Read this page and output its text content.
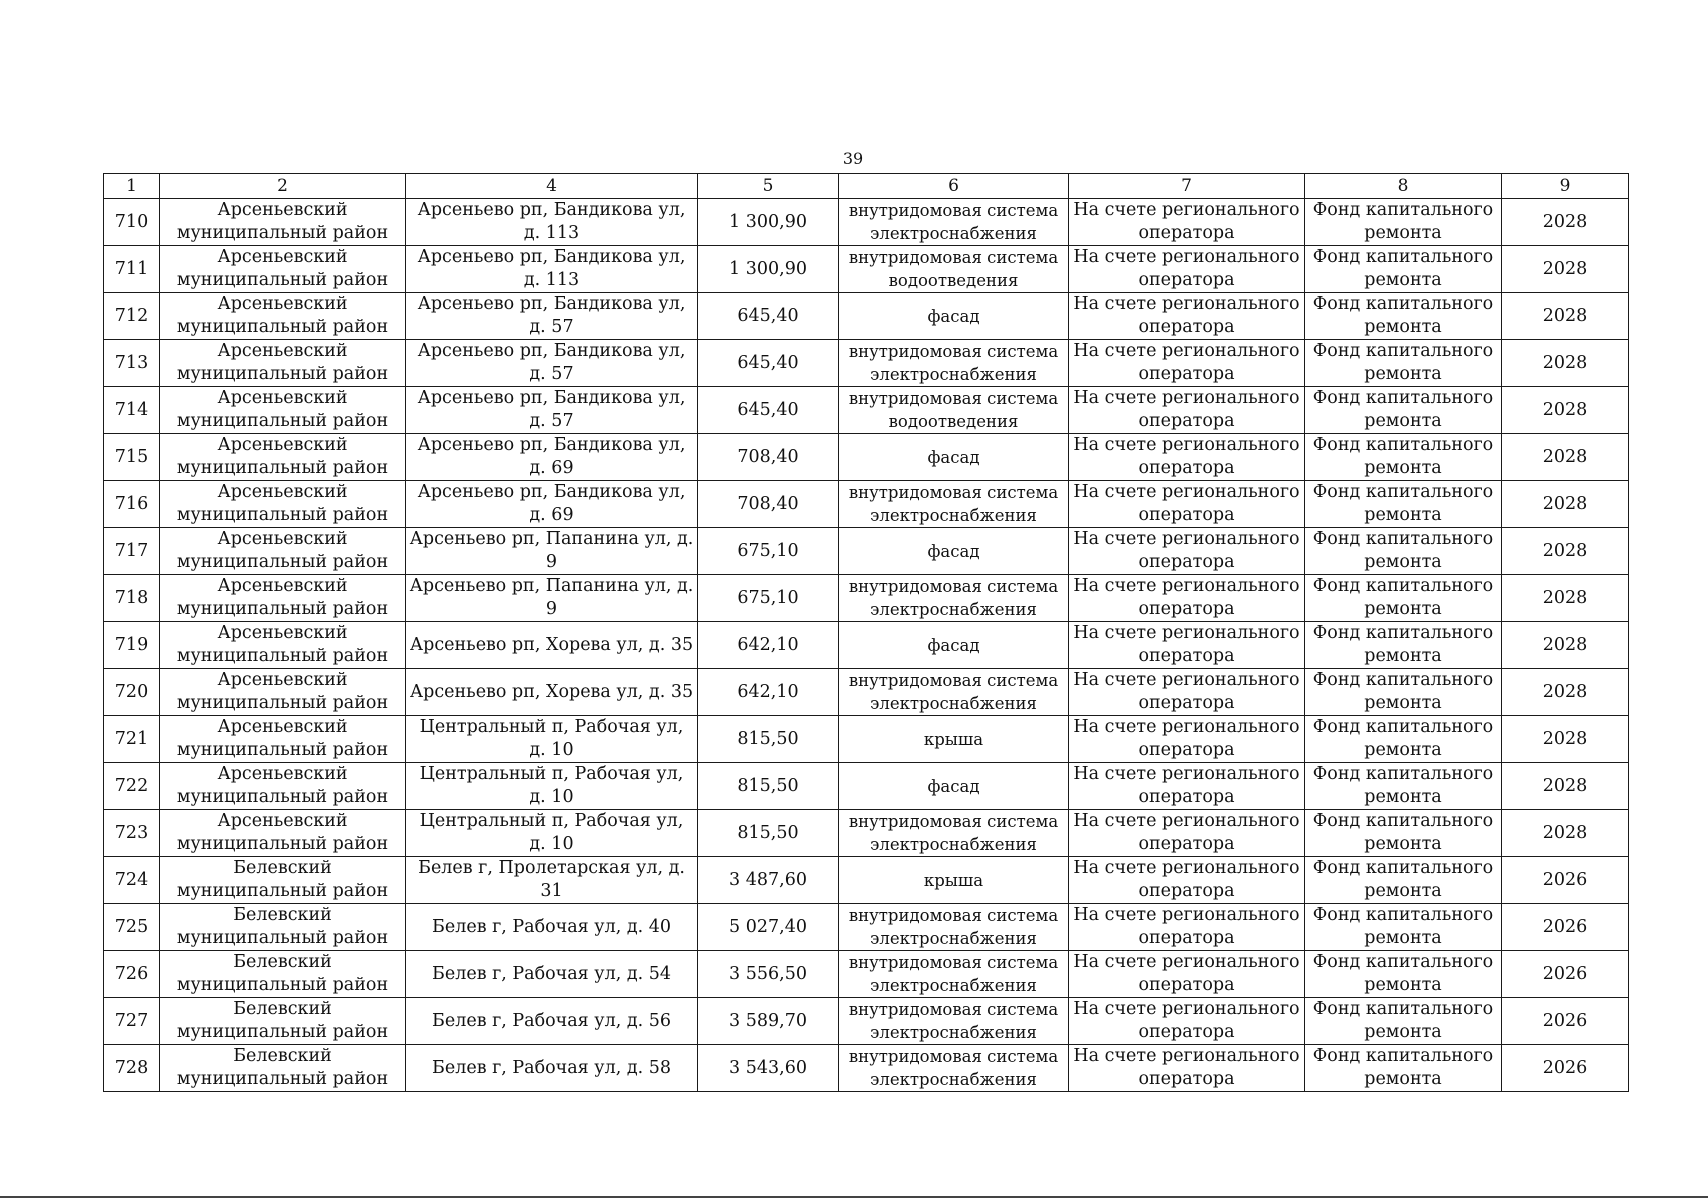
39
1	2	4	5	6	7	8	9
710	Арсеньевский муниципальный район	Арсеньево рп, Бандикова ул, д. 113	1 300,90	внутридомовая система электроснабжения	На счете регионального оператора	Фонд капитального ремонта	2028
711	Арсеньевский муниципальный район	Арсеньево рп, Бандикова ул, д. 113	1 300,90	внутридомовая система водоотведения	На счете регионального оператора	Фонд капитального ремонта	2028
712	Арсеньевский муниципальный район	Арсеньево рп, Бандикова ул, д. 57	645,40	фасад	На счете регионального оператора	Фонд капитального ремонта	2028
713	Арсеньевский муниципальный район	Арсеньево рп, Бандикова ул, д. 57	645,40	внутридомовая система электроснабжения	На счете регионального оператора	Фонд капитального ремонта	2028
714	Арсеньевский муниципальный район	Арсеньево рп, Бандикова ул, д. 57	645,40	внутридомовая система водоотведения	На счете регионального оператора	Фонд капитального ремонта	2028
715	Арсеньевский муниципальный район	Арсеньево рп, Бандикова ул, д. 69	708,40	фасад	На счете регионального оператора	Фонд капитального ремонта	2028
716	Арсеньевский муниципальный район	Арсеньево рп, Бандикова ул, д. 69	708,40	внутридомовая система электроснабжения	На счете регионального оператора	Фонд капитального ремонта	2028
717	Арсеньевский муниципальный район	Арсеньево рп, Папанина ул, д. 9	675,10	фасад	На счете регионального оператора	Фонд капитального ремонта	2028
718	Арсеньевский муниципальный район	Арсеньево рп, Папанина ул, д. 9	675,10	внутридомовая система электроснабжения	На счете регионального оператора	Фонд капитального ремонта	2028
719	Арсеньевский муниципальный район	Арсеньево рп, Хорева ул, д. 35	642,10	фасад	На счете регионального оператора	Фонд капитального ремонта	2028
720	Арсеньевский муниципальный район	Арсеньево рп, Хорева ул, д. 35	642,10	внутридомовая система электроснабжения	На счете регионального оператора	Фонд капитального ремонта	2028
721	Арсеньевский муниципальный район	Центральный п, Рабочая ул, д. 10	815,50	крыша	На счете регионального оператора	Фонд капитального ремонта	2028
722	Арсеньевский муниципальный район	Центральный п, Рабочая ул, д. 10	815,50	фасад	На счете регионального оператора	Фонд капитального ремонта	2028
723	Арсеньевский муниципальный район	Центральный п, Рабочая ул, д. 10	815,50	внутридомовая система электроснабжения	На счете регионального оператора	Фонд капитального ремонта	2028
724	Белевский муниципальный район	Белев г, Пролетарская ул, д. 31	3 487,60	крыша	На счете регионального оператора	Фонд капитального ремонта	2026
725	Белевский муниципальный район	Белев г, Рабочая ул, д. 40	5 027,40	внутридомовая система электроснабжения	На счете регионального оператора	Фонд капитального ремонта	2026
726	Белевский муниципальный район	Белев г, Рабочая ул, д. 54	3 556,50	внутридомовая система электроснабжения	На счете регионального оператора	Фонд капитального ремонта	2026
727	Белевский муниципальный район	Белев г, Рабочая ул, д. 56	3 589,70	внутридомовая система электроснабжения	На счете регионального оператора	Фонд капитального ремонта	2026
728	Белевский муниципальный район	Белев г, Рабочая ул, д. 58	3 543,60	внутридомовая система электроснабжения	На счете регионального оператора	Фонд капитального ремонта	2026
